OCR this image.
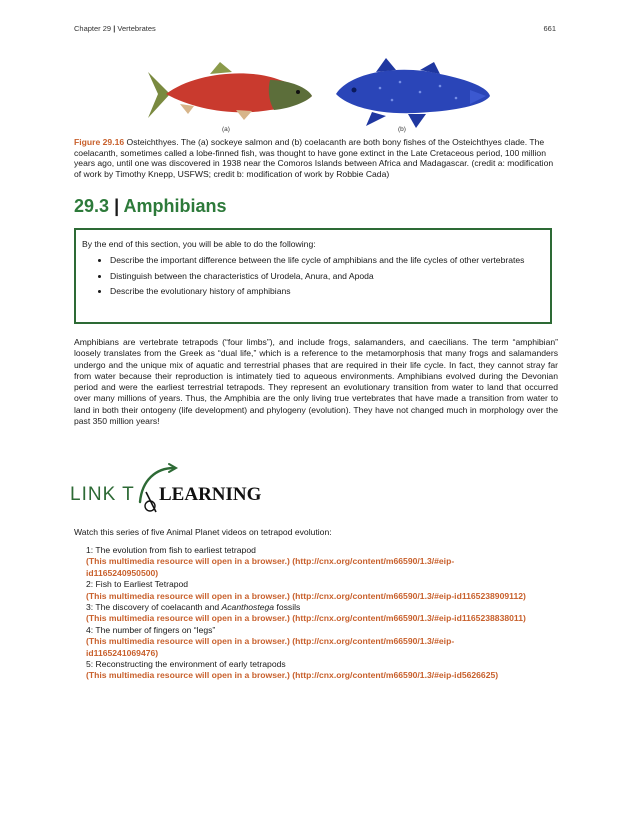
Chapter 29 | Vertebrates	661
(a)	(b)

Figure 29.16 Osteichthyes. The (a) sockeye salmon and (b) coelacanth are both bony fishes of the Osteichthyes clade. The coelacanth, sometimes called a lobe-finned fish, was thought to have gone extinct in the Late Cretaceous period, 100 million years ago, until one was discovered in 1938 near the Comoros Islands between Africa and Madagascar. (credit a: modification of work by Timothy Knepp, USFWS; credit b: modification of work by Robbie Cada)

29.3 | Amphibians

By the end of this section, you will be able to do the following:

• Describe the important difference between the life cycle of amphibians and the life cycles of other vertebrates
• Distinguish between the characteristics of Urodela, Anura, and Apoda
• Describe the evolutionary history of amphibians

Amphibians are vertebrate tetrapods (“four limbs”), and include frogs, salamanders, and caecilians. The term “amphibian” loosely translates from the Greek as “dual life,” which is a reference to the metamorphosis that many frogs and salamanders undergo and the unique mix of aquatic and terrestrial phases that are required in their life cycle. In fact, they cannot stray far from water because their reproduction is intimately tied to aqueous environments. Amphibians evolved during the Devonian period and were the earliest terrestrial tetrapods. They represent an evolutionary transition from water to land that occurred over many millions of years. Thus, the Amphibia are the only living true vertebrates that have made a transition from water to land in both their ontogeny (life development) and phylogeny (evolution). They have not changed much in morphology over the past 350 million years!

LINK T LEARNING

Watch this series of five Animal Planet videos on tetrapod evolution:

1: The evolution from fish to earliest tetrapod
(This multimedia resource will open in a browser.) (http://cnx.org/content/m66590/1.3/#eip-id1165240950500)
2: Fish to Earliest Tetrapod
(This multimedia resource will open in a browser.) (http://cnx.org/content/m66590/1.3/#eip-id1165238909112)
3: The discovery of coelacanth and Acanthostega fossils
(This multimedia resource will open in a browser.) (http://cnx.org/content/m66590/1.3/#eip-id1165238838011)
4: The number of fingers on “legs”
(This multimedia resource will open in a browser.) (http://cnx.org/content/m66590/1.3/#eip-id1165241069476)
5: Reconstructing the environment of early tetrapods
(This multimedia resource will open in a browser.) (http://cnx.org/content/m66590/1.3/#eip-id5626625)
